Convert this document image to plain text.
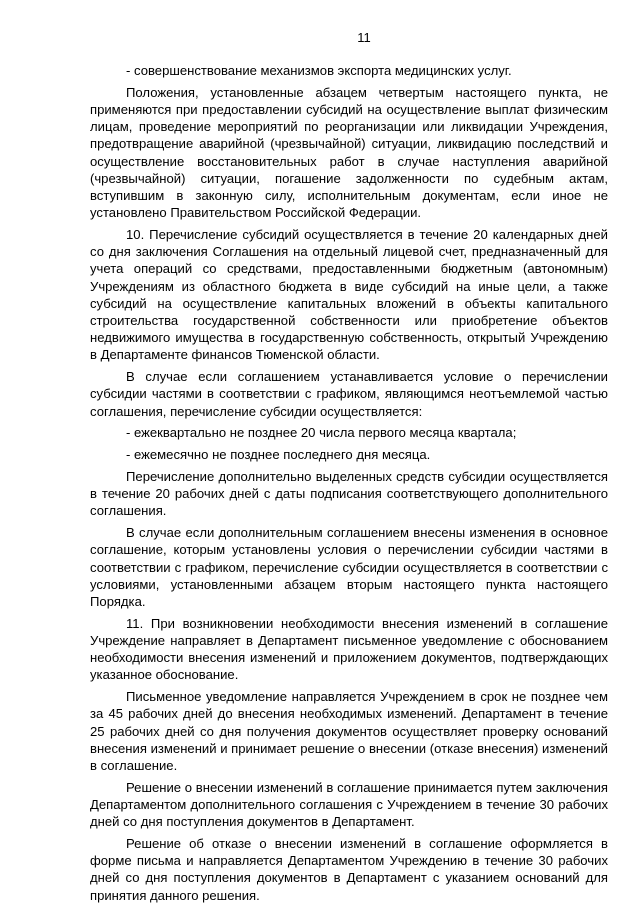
11

- совершенствование механизмов экспорта медицинских услуг.

Положения, установленные абзацем четвертым настоящего пункта, не применяются при предоставлении субсидий на осуществление выплат физическим лицам, проведение мероприятий по реорганизации или ликвидации Учреждения, предотвращение аварийной (чрезвычайной) ситуации, ликвидацию последствий и осуществление восстановительных работ в случае наступления аварийной (чрезвычайной) ситуации, погашение задолженности по судебным актам, вступившим в законную силу, исполнительным документам, если иное не установлено Правительством Российской Федерации.

10. Перечисление субсидий осуществляется в течение 20 календарных дней со дня заключения Соглашения на отдельный лицевой счет, предназначенный для учета операций со средствами, предоставленными бюджетным (автономным) Учреждениям из областного бюджета в виде субсидий на иные цели, а также субсидий на осуществление капитальных вложений в объекты капитального строительства государственной собственности или приобретение объектов недвижимого имущества в государственную собственность, открытый Учреждению в Департаменте финансов Тюменской области.

В случае если соглашением устанавливается условие о перечислении субсидии частями в соответствии с графиком, являющимся неотъемлемой частью соглашения, перечисление субсидии осуществляется:

- ежеквартально не позднее 20 числа первого месяца квартала;

- ежемесячно не позднее последнего дня месяца.

Перечисление дополнительно выделенных средств субсидии осуществляется в течение 20 рабочих дней с даты подписания соответствующего дополнительного соглашения.

В случае если дополнительным соглашением внесены изменения в основное соглашение, которым установлены условия о перечислении субсидии частями в соответствии с графиком, перечисление субсидии осуществляется в соответствии с условиями, установленными абзацем вторым настоящего пункта настоящего Порядка.

11. При возникновении необходимости внесения изменений в соглашение Учреждение направляет в Департамент письменное уведомление с обоснованием необходимости внесения изменений и приложением документов, подтверждающих указанное обоснование.

Письменное уведомление направляется Учреждением в срок не позднее чем за 45 рабочих дней до внесения необходимых изменений. Департамент в течение 25 рабочих дней со дня получения документов осуществляет проверку оснований внесения изменений и принимает решение о внесении (отказе внесения) изменений в соглашение.

Решение о внесении изменений в соглашение принимается путем заключения Департаментом дополнительного соглашения с Учреждением в течение 30 рабочих дней со дня поступления документов в Департамент.

Решение об отказе о внесении изменений в соглашение оформляется в форме письма и направляется Департаментом Учреждению в течение 30 рабочих дней со дня поступления документов в Департамент с указанием оснований для принятия данного решения.
